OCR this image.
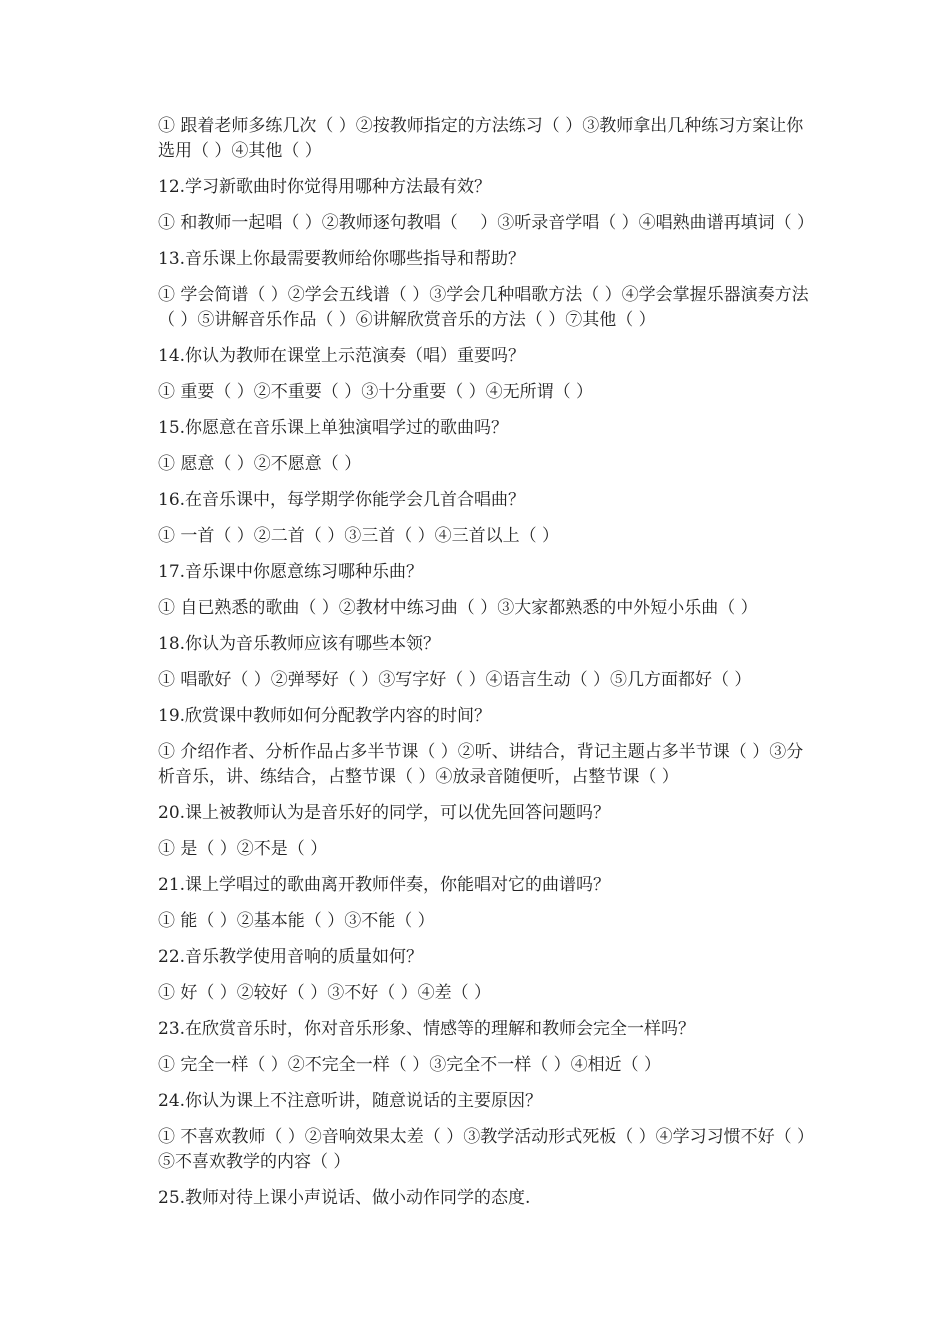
① 跟着老师多练几次（ ）②按教师指定的方法练习（ ）③教师拿出几种练习方案让你选用（ ）④其他（ ）

12.学习新歌曲时你觉得用哪种方法最有效？

① 和教师一起唱（ ）②教师逐句教唱（　 ）③听录音学唱（ ）④唱熟曲谱再填词（ ）

13.音乐课上你最需要教师给你哪些指导和帮助？

① 学会简谱（ ）②学会五线谱（ ）③学会几种唱歌方法（ ）④学会掌握乐器演奏方法（ ）⑤讲解音乐作品（ ）⑥讲解欣赏音乐的方法（ ）⑦其他（ ）

14.你认为教师在课堂上示范演奏（唱）重要吗？

① 重要（ ）②不重要（ ）③十分重要（ ）④无所谓（ ）

15.你愿意在音乐课上单独演唱学过的歌曲吗？

① 愿意（ ）②不愿意（ ）

16.在音乐课中，每学期学你能学会几首合唱曲？

① 一首（ ）②二首（ ）③三首（ ）④三首以上（ ）

17.音乐课中你愿意练习哪种乐曲？

① 自已熟悉的歌曲（ ）②教材中练习曲（ ）③大家都熟悉的中外短小乐曲（ ）

18.你认为音乐教师应该有哪些本领？

① 唱歌好（ ）②弹琴好（ ）③写字好（ ）④语言生动（ ）⑤几方面都好（ ）

19.欣赏课中教师如何分配教学内容的时间？

① 介绍作者、分析作品占多半节课（ ）②听、讲结合，背记主题占多半节课（ ）③分析音乐，讲、练结合，占整节课（ ）④放录音随便听，占整节课（ ）

20.课上被教师认为是音乐好的同学，可以优先回答问题吗？

① 是（ ）②不是（ ）

21.课上学唱过的歌曲离开教师伴奏，你能唱对它的曲谱吗？

① 能（ ）②基本能（ ）③不能（ ）

22.音乐教学使用音响的质量如何？

① 好（ ）②较好（ ）③不好（ ）④差（ ）

23.在欣赏音乐时，你对音乐形象、情感等的理解和教师会完全一样吗？

① 完全一样（ ）②不完全一样（ ）③完全不一样（ ）④相近（ ）

24.你认为课上不注意听讲，随意说话的主要原因？

① 不喜欢教师（ ）②音响效果太差（ ）③教学活动形式死板（ ）④学习习惯不好（ ）⑤不喜欢教学的内容（ ）

25.教师对待上课小声说话、做小动作同学的态度.
